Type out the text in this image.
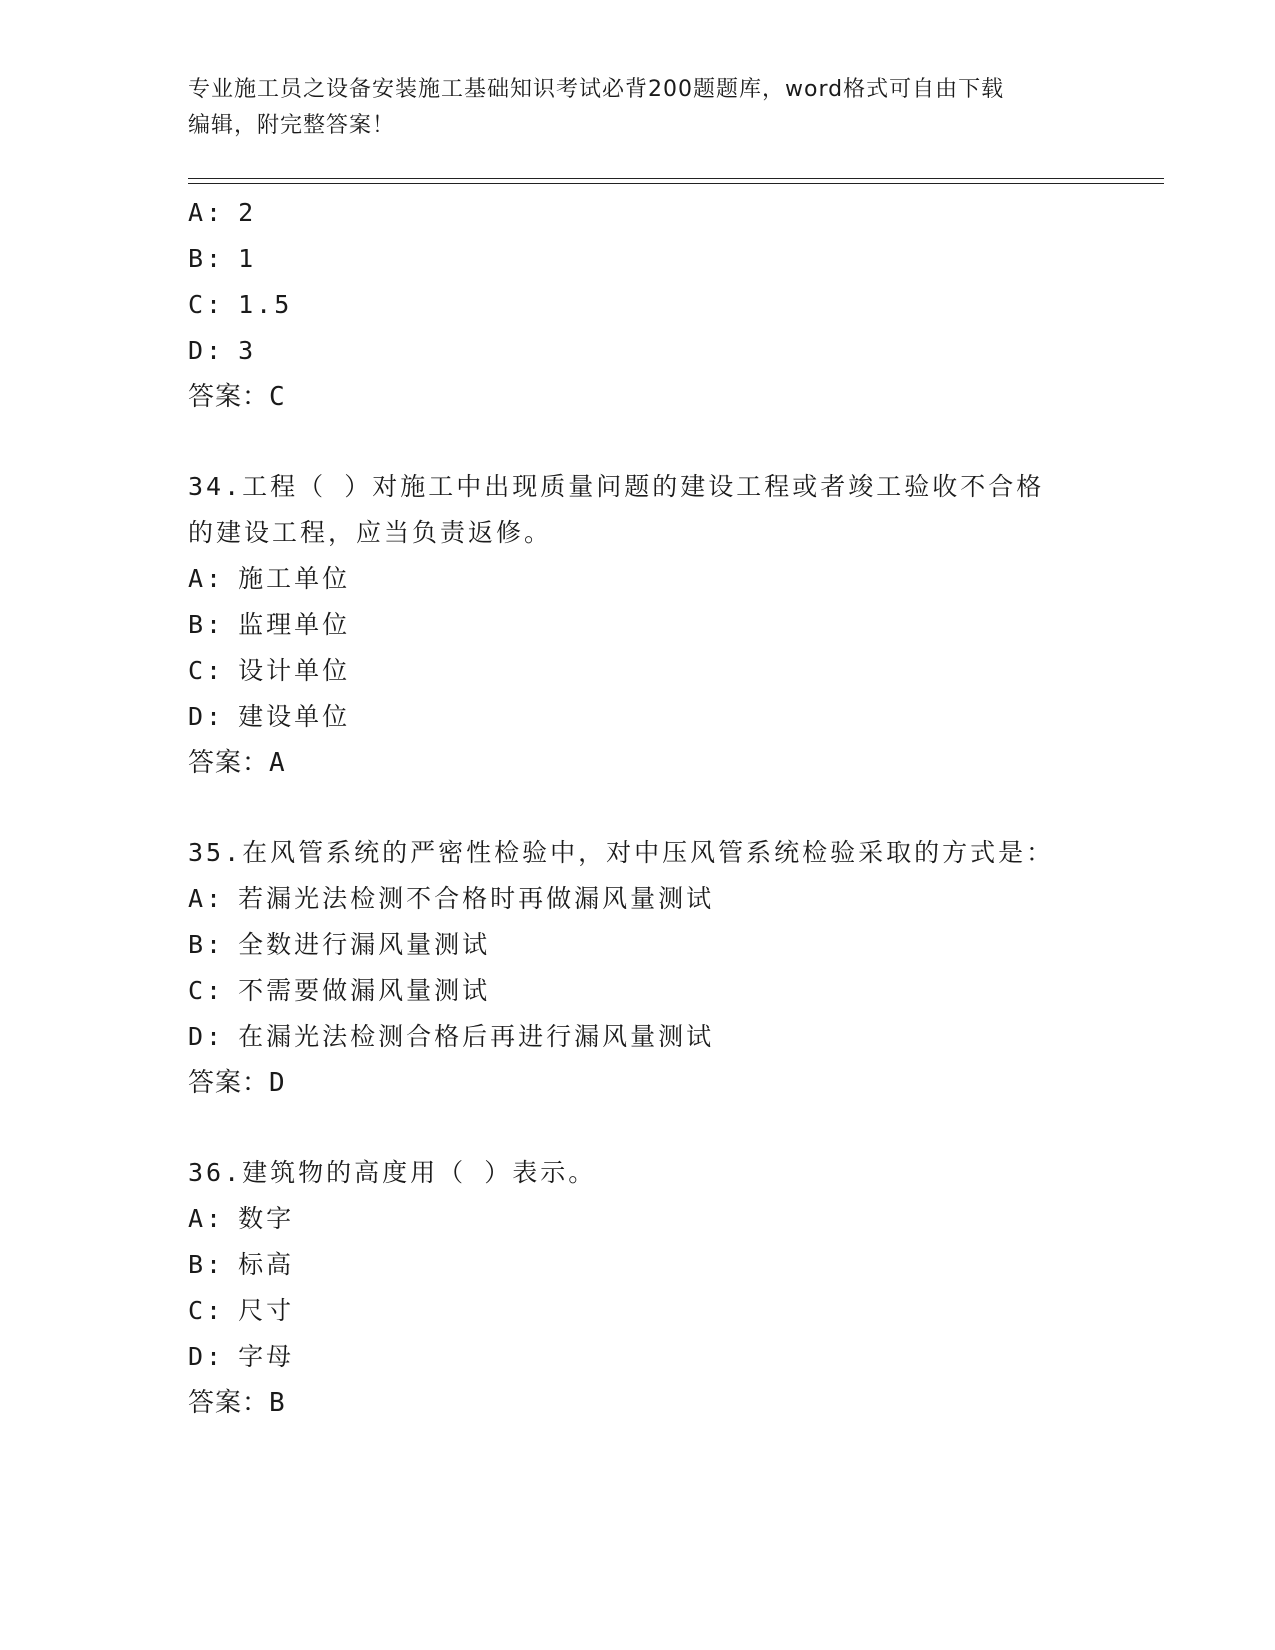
专业施工员之设备安装施工基础知识考试必背200题题库，word格式可自由下载
编辑，附完整答案！
A: 2
B: 1
C: 1.5
D: 3
答案：C
34.工程（ ）对施工中出现质量问题的建设工程或者竣工验收不合格
的建设工程，应当负责返修。
A: 施工单位
B: 监理单位
C: 设计单位
D: 建设单位
答案：A
35.在风管系统的严密性检验中，对中压风管系统检验采取的方式是：
A: 若漏光法检测不合格时再做漏风量测试
B: 全数进行漏风量测试
C: 不需要做漏风量测试
D: 在漏光法检测合格后再进行漏风量测试
答案：D
36.建筑物的高度用（ ）表示。
A: 数字
B: 标高
C: 尺寸
D: 字母
答案：B
